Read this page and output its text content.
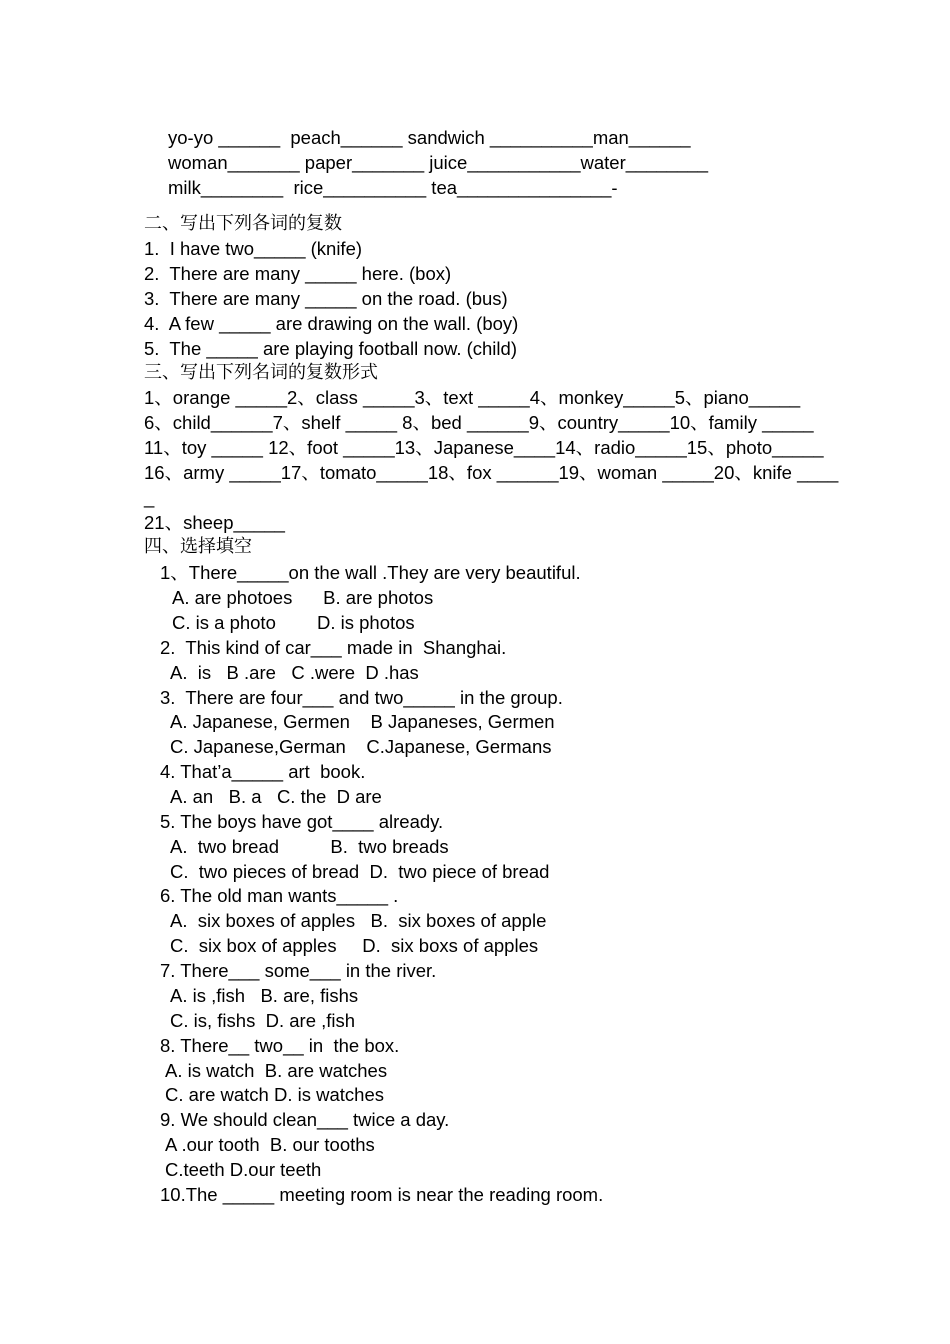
yo-yo ______  peach______ sandwich __________man______
woman_______ paper_______ juice___________water________
milk________  rice__________ tea_______________-
二、写出下列各词的复数
1.  I have two_____ (knife)
2.  There are many _____ here. (box)
3.  There are many _____ on the road. (bus)
4.  A few _____ are drawing on the wall. (boy)
5.  The _____ are playing football now. (child)
三、写出下列名词的复数形式
1、orange _____2、class _____3、text _____4、monkey_____5、piano_____
6、child______7、shelf _____ 8、bed ______9、country_____10、family _____
11、toy _____ 12、foot _____13、Japanese____14、radio_____15、photo_____
16、army _____17、tomato_____18、fox ______19、woman _____20、knife ____
_
21、sheep_____
四、选择填空
1、There_____on the wall .They are very beautiful.
A. are photoes      B. are photos
C. is a photo        D. is photos
2.  This kind of car___ made in  Shanghai.
A.  is   B .are   C .were  D .has
3.  There are four___ and two_____ in the group.
A. Japanese, Germen    B Japaneses, Germen
C. Japanese,German    C.Japanese, Germans
4. That’a_____ art  book.
A. an   B. a   C. the  D are
5. The boys have got____ already.
A.  two bread          B.  two breads
C.  two pieces of bread  D.  two piece of bread
6. The old man wants_____ .
A.  six boxes of apples   B.  six boxes of apple
C.  six box of apples     D.  six boxs of apples
7. There___ some___ in the river.
A. is ,fish   B. are, fishs
C. is, fishs  D. are ,fish
8. There__ two__ in  the box.
A. is watch  B. are watches
C. are watch D. is watches
9. We should clean___ twice a day.
A .our tooth  B. our tooths
C.teeth D.our teeth
10.The _____ meeting room is near the reading room.
